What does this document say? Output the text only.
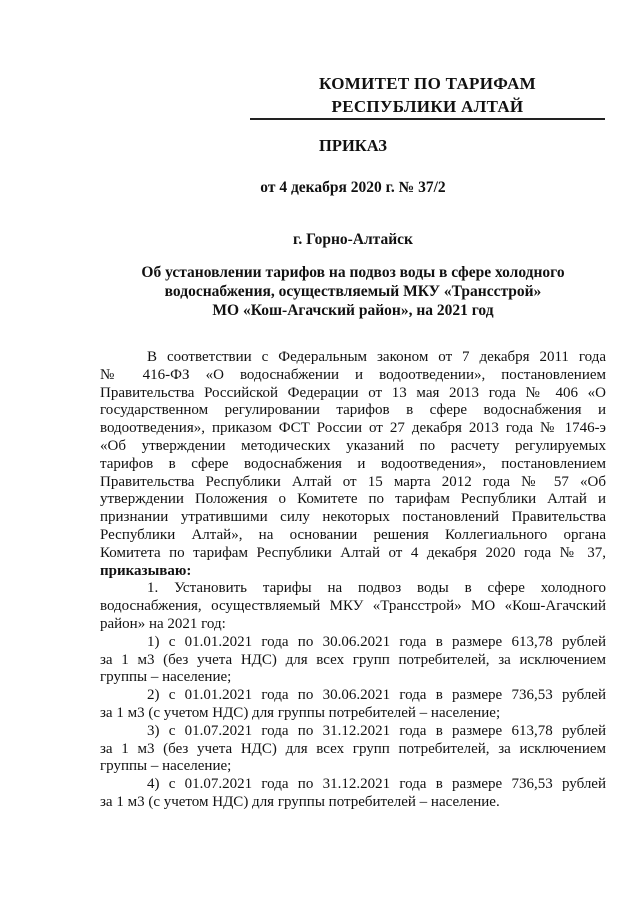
КОМИТЕТ ПО ТАРИФАМ
РЕСПУБЛИКИ АЛТАЙ
ПРИКАЗ
от 4 декабря 2020 г. № 37/2
г. Горно-Алтайск
Об установлении тарифов на подвоз воды в сфере холодного
водоснабжения, осуществляемый МКУ «Трансстрой»
МО «Кош-Агачский район», на 2021 год
В соответствии с Федеральным законом от 7 декабря 2011 года
№ 416-ФЗ «О водоснабжении и водоотведении», постановлением
Правительства Российской Федерации от 13 мая 2013 года № 406 «О
государственном регулировании тарифов в сфере водоснабжения и
водоотведения», приказом ФСТ России от 27 декабря 2013 года № 1746-э
«Об утверждении методических указаний по расчету регулируемых
тарифов в сфере водоснабжения и водоотведения», постановлением
Правительства Республики Алтай от 15 марта 2012 года № 57 «Об
утверждении Положения о Комитете по тарифам Республики Алтай и
признании утратившими силу некоторых постановлений Правительства
Республики Алтай», на основании решения Коллегиального органа
Комитета по тарифам Республики Алтай от 4 декабря 2020 года № 37,
приказываю:
1. Установить тарифы на подвоз воды в сфере холодного
водоснабжения, осуществляемый МКУ «Трансстрой» МО «Кош-Агачский
район» на 2021 год:
1) с 01.01.2021 года по 30.06.2021 года в размере 613,78 рублей
за 1 м3 (без учета НДС) для всех групп потребителей, за исключением
группы – население;
2) с 01.01.2021 года по 30.06.2021 года в размере 736,53 рублей
за 1 м3 (с учетом НДС) для группы потребителей – население;
3) с 01.07.2021 года по 31.12.2021 года в размере 613,78 рублей
за 1 м3 (без учета НДС) для всех групп потребителей, за исключением
группы – население;
4) с 01.07.2021 года по 31.12.2021 года в размере 736,53 рублей
за 1 м3 (с учетом НДС) для группы потребителей – население.
